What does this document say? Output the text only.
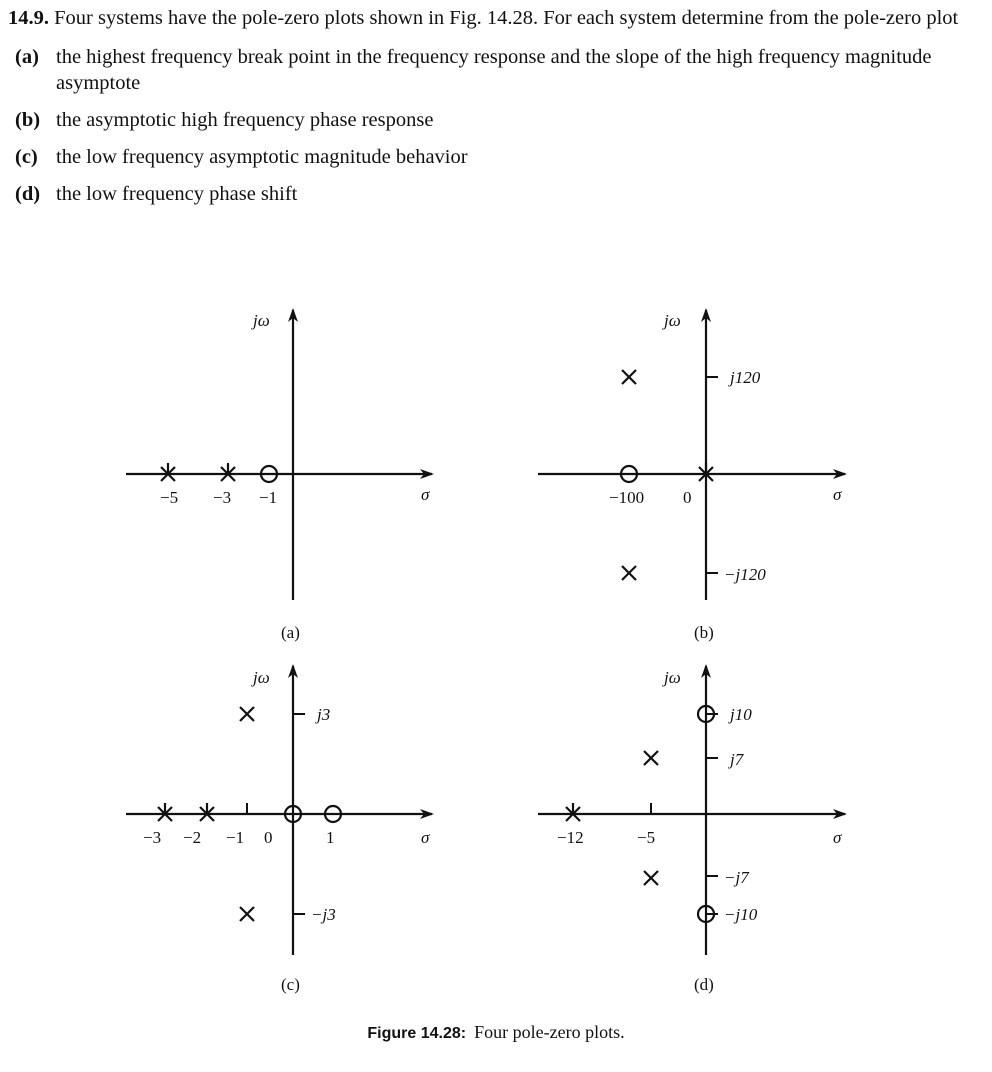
14.9. Four systems have the pole-zero plots shown in Fig. 14.28. For each system determine from the pole-zero plot
(a) the highest frequency break point in the frequency response and the slope of the high frequency magnitude asymptote
(b) the asymptotic high frequency phase response
(c) the low frequency asymptotic magnitude behavior
(d) the low frequency phase shift
jω
σ
−5 −3 −1
(a)
jω
σ
−100 0
j120
−j120
(b)
jω
σ
−3 −2 −1 0	1
j3
−j3
(c)
jω
σ
−12	−5
j10
j7
−j7
−j10
(d)
Figure 14.28: Four pole-zero plots.
